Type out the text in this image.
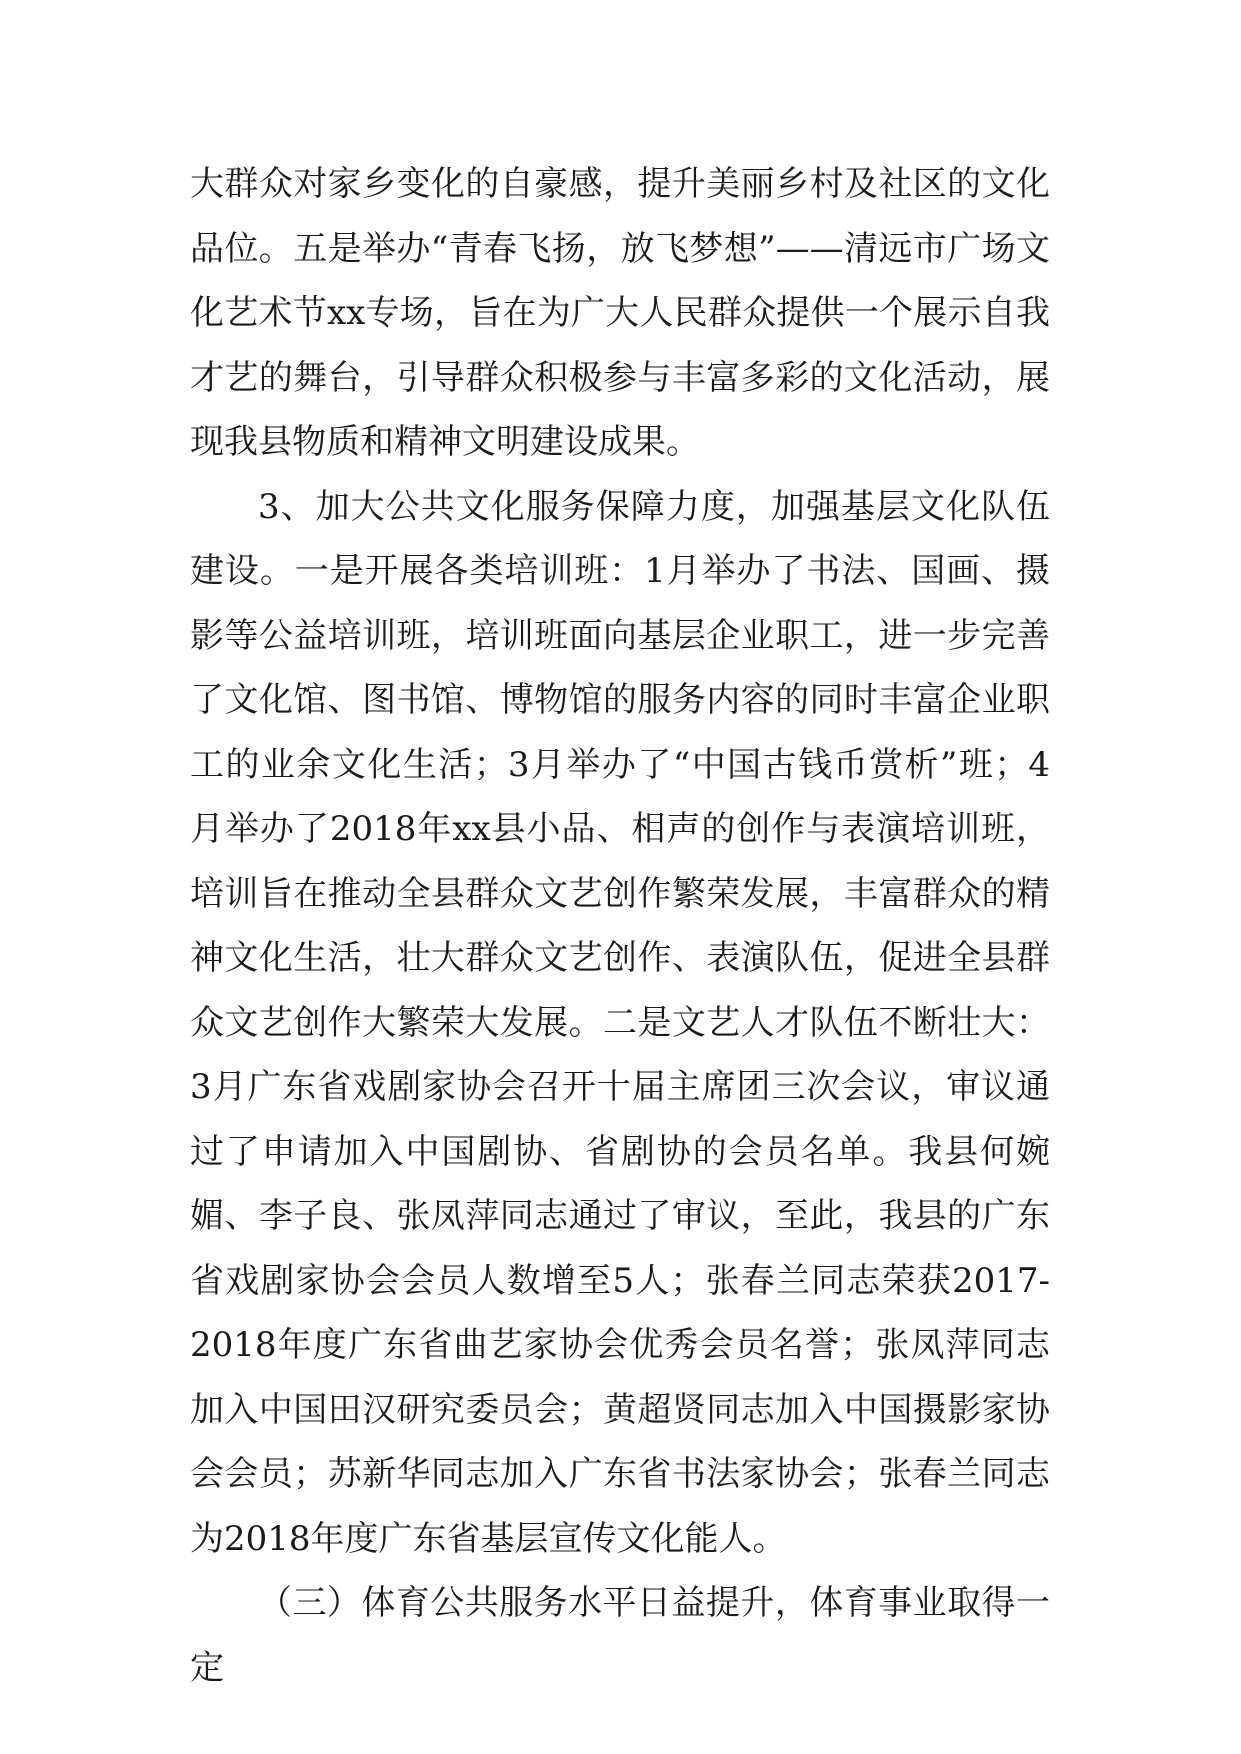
大群众对家乡变化的自豪感，提升美丽乡村及社区的文化品位。五是举办“青春飞扬，放飞梦想”——清远市广场文化艺术节xx专场，旨在为广大人民群众提供一个展示自我才艺的舞台，引导群众积极参与丰富多彩的文化活动，展现我县物质和精神文明建设成果。

3、加大公共文化服务保障力度，加强基层文化队伍建设。一是开展各类培训班：1月举办了书法、国画、摄影等公益培训班，培训班面向基层企业职工，进一步完善了文化馆、图书馆、博物馆的服务内容的同时丰富企业职工的业余文化生活；3月举办了“中国古钱币赏析”班；4月举办了2018年xx县小品、相声的创作与表演培训班，培训旨在推动全县群众文艺创作繁荣发展，丰富群众的精神文化生活，壮大群众文艺创作、表演队伍，促进全县群众文艺创作大繁荣大发展。二是文艺人才队伍不断壮大：3月广东省戏剧家协会召开十届主席团三次会议，审议通过了申请加入中国剧协、省剧协的会员名单。我县何婉媚、李子良、张凤萍同志通过了审议，至此，我县的广东省戏剧家协会会员人数增至5人；张春兰同志荣获2017-2018年度广东省曲艺家协会优秀会员名誉；张凤萍同志加入中国田汉研究委员会；黄超贤同志加入中国摄影家协会会员；苏新华同志加入广东省书法家协会；张春兰同志为2018年度广东省基层宣传文化能人。

（三）体育公共服务水平日益提升，体育事业取得一定
